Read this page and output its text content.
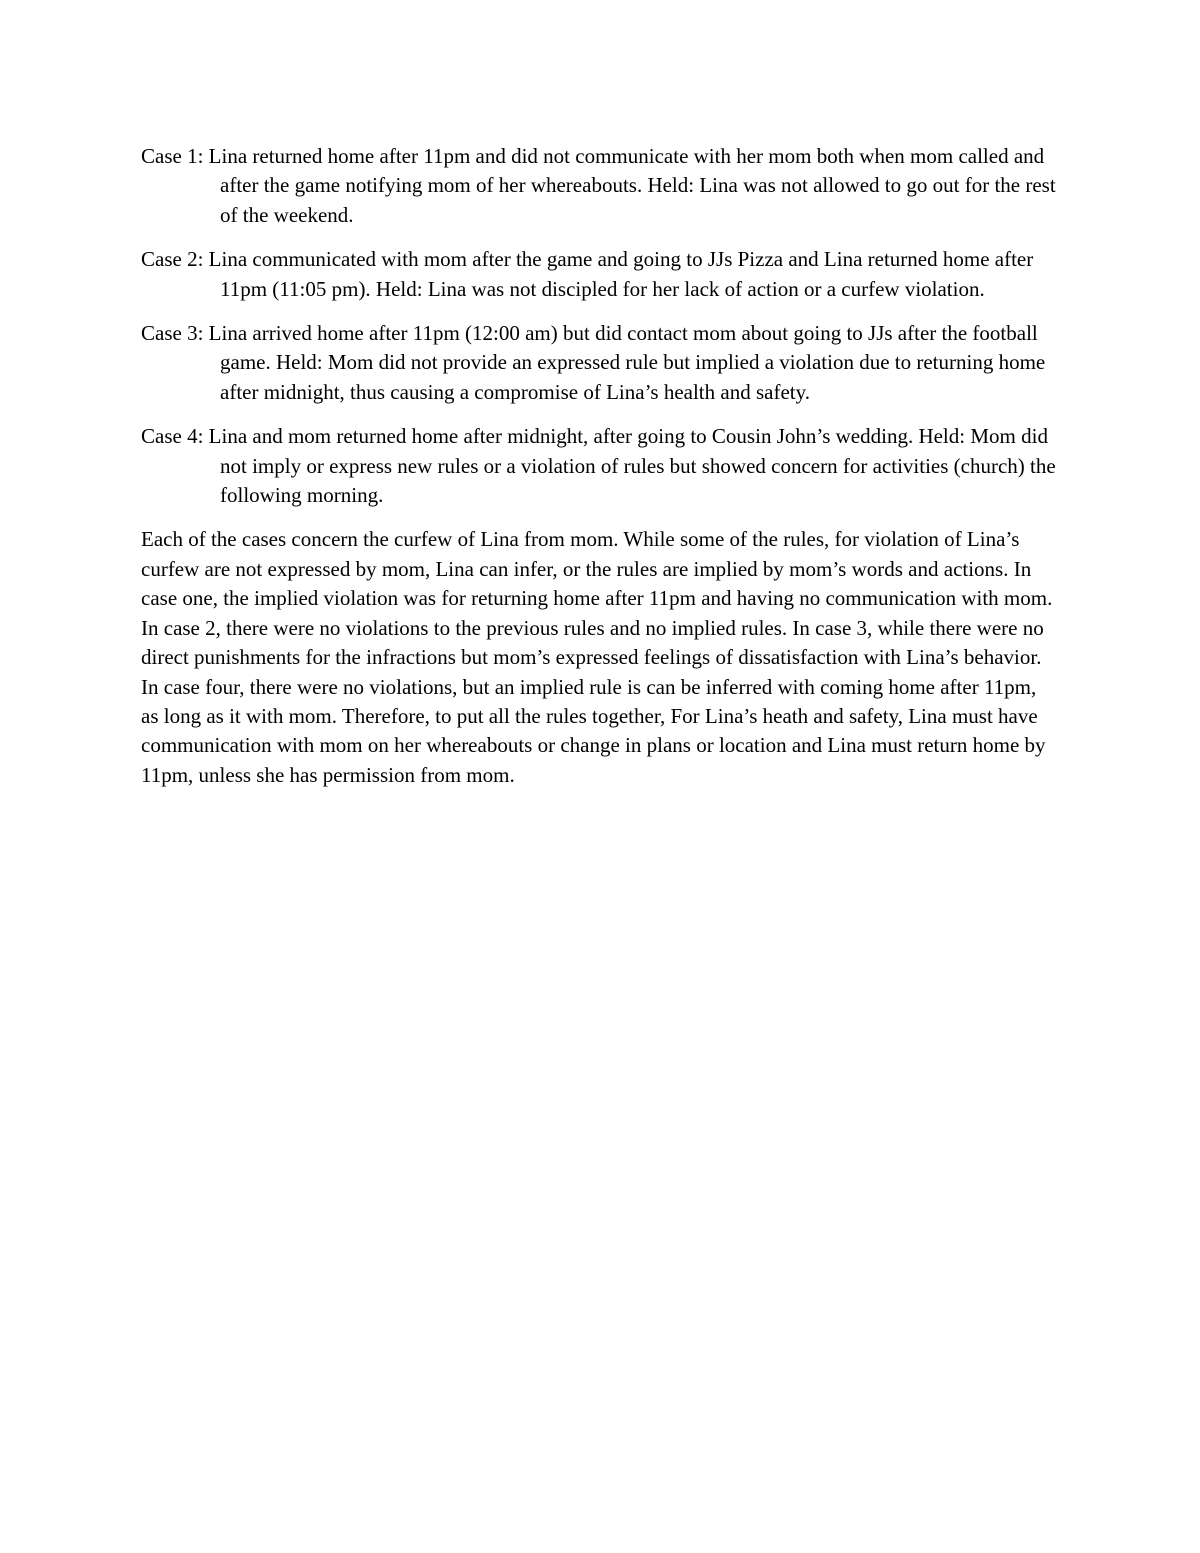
Case 1: Lina returned home after 11pm and did not communicate with her mom both when mom called and after the game notifying mom of her whereabouts. Held: Lina was not allowed to go out for the rest of the weekend.

Case 2: Lina communicated with mom after the game and going to JJs Pizza and Lina returned home after 11pm (11:05 pm). Held: Lina was not discipled for her lack of action or a curfew violation.

Case 3: Lina arrived home after 11pm (12:00 am) but did contact mom about going to JJs after the football game. Held: Mom did not provide an expressed rule but implied a violation due to returning home after midnight, thus causing a compromise of Lina’s health and safety.

Case 4: Lina and mom returned home after midnight, after going to Cousin John’s wedding. Held: Mom did not imply or express new rules or a violation of rules but showed concern for activities (church) the following morning.

Each of the cases concern the curfew of Lina from mom. While some of the rules, for violation of Lina’s curfew are not expressed by mom, Lina can infer, or the rules are implied by mom’s words and actions. In case one, the implied violation was for returning home after 11pm and having no communication with mom. In case 2, there were no violations to the previous rules and no implied rules. In case 3, while there were no direct punishments for the infractions but mom’s expressed feelings of dissatisfaction with Lina’s behavior. In case four, there were no violations, but an implied rule is can be inferred with coming home after 11pm, as long as it with mom. Therefore, to put all the rules together, For Lina’s heath and safety, Lina must have communication with mom on her whereabouts or change in plans or location and Lina must return home by 11pm, unless she has permission from mom.
